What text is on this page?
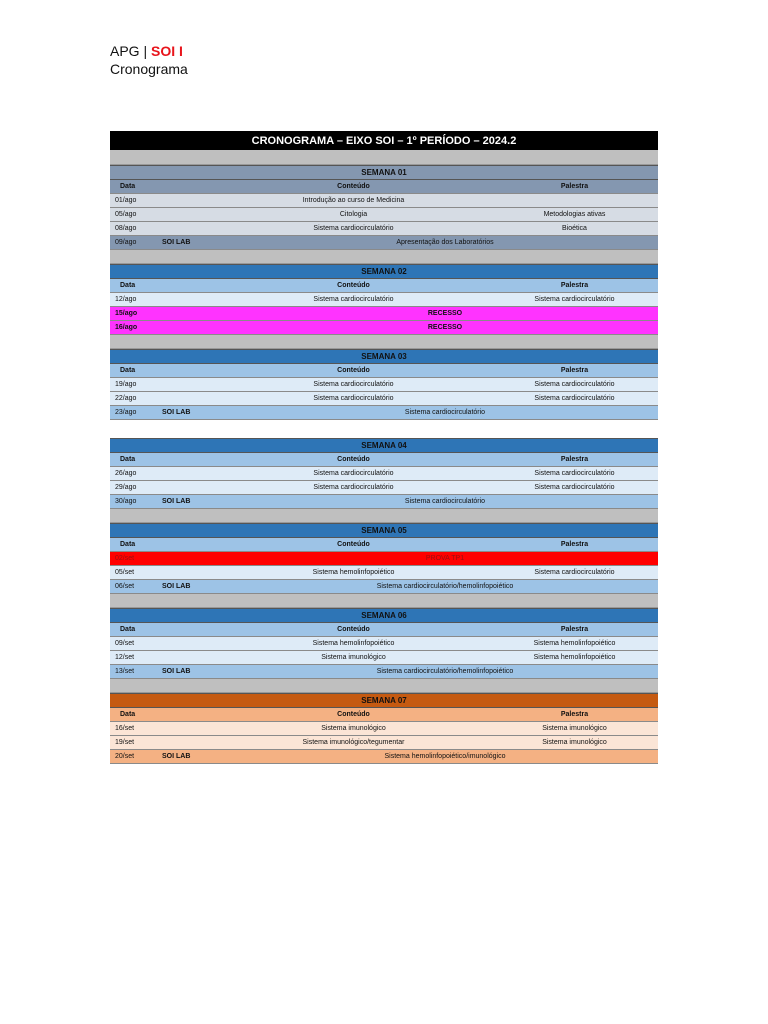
APG | SOI I
Cronograma
CRONOGRAMA – EIXO SOI – 1º PERÍODO – 2024.2
SEMANA 01
Data	Conteúdo	Palestra
01/ago	Introdução ao curso de Medicina
05/ago	Citologia	Metodologias ativas
08/ago	Sistema cardiocirculatório	Bioética
09/ago	SOI LAB	Apresentação dos Laboratórios
SEMANA 02
Data	Conteúdo	Palestra
12/ago	Sistema cardiocirculatório	Sistema cardiocirculatório
15/ago	RECESSO
16/ago	RECESSO
SEMANA 03
Data	Conteúdo	Palestra
19/ago	Sistema cardiocirculatório	Sistema cardiocirculatório
22/ago	Sistema cardiocirculatório	Sistema cardiocirculatório
23/ago	SOI LAB	Sistema cardiocirculatório
SEMANA 04
Data	Conteúdo	Palestra
26/ago	Sistema cardiocirculatório	Sistema cardiocirculatório
29/ago	Sistema cardiocirculatório	Sistema cardiocirculatório
30/ago	SOI LAB	Sistema cardiocirculatório
SEMANA 05
Data	Conteúdo	Palestra
02/set	PROVA TP1
05/set	Sistema hemolinfopoiético	Sistema cardiocirculatório
06/set	SOI LAB	Sistema cardiocirculatório/hemolinfopoiético
SEMANA 06
Data	Conteúdo	Palestra
09/set	Sistema hemolinfopoiético	Sistema hemolinfopoiético
12/set	Sistema imunológico	Sistema hemolinfopoiético
13/set	SOI LAB	Sistema cardiocirculatório/hemolinfopoiético
SEMANA 07
Data	Conteúdo	Palestra
16/set	Sistema imunológico	Sistema imunológico
19/set	Sistema imunológico/tegumentar	Sistema imunológico
20/set	SOI LAB	Sistema hemolinfopoiético/imunológico
